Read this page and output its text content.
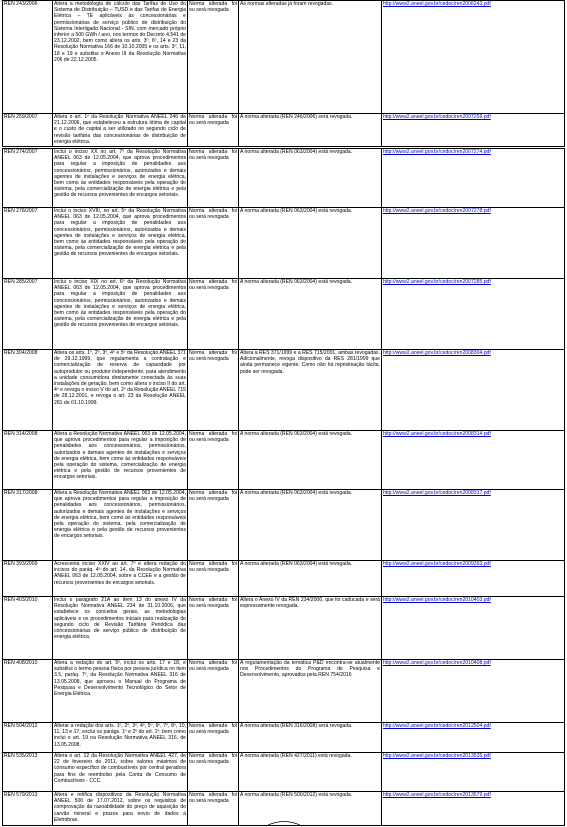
REN 243/2006	Altera a metodologia de cálculo das Tarifas de Uso do Sistema de Distribuição – TUSD e das Tarifas de Energia Elétrica – TE aplicáveis às concessionárias e permissionárias de serviço público de distribuição do Sistema Interligado Nacional - SIN, com mercado próprio inferior a 500 GWh / ano, nos termos do Decreto 4.541 de 23.12.2002, bem como altera os arts. 3º, 6º, 14 e 23 da Resolução Normativa 166 de 10.10.2005 e os arts. 3º, 11, 18 e 19 e substitui o Anexo III da Resolução Normativa 206 de 22.12.2005.	Norma alterada foi ou será revogada	As normas alteradas já foram revogadas.	http://www2.aneel.gov.br/cedoc/ren2006243.pdf
REN 259/2007	Altera o art. 1º da Resolução Normativa ANEEL 246 de 21.12.2006, que estabeleceu a estrutura ótima de capital e o custo de capital a ser utilizado no segundo ciclo de revisão tarifária das concessionárias de distribuição de energia elétrica.	Norma alterada foi ou será revogada	A norma alterada (REN 246/2006) será revogada.	http://www2.aneel.gov.br/cedoc/ren2007259.pdf
REN 274/2007	Inclui o inciso XX no art. 7º da Resolução Normativa ANEEL 063 de 12.05.2004, que aprova procedimentos para regular a imposição de penalidades aos concessionários, permissionários, autorizados e demais agentes de instalações e serviços de energia elétrica, bem como às entidades responsáveis pela operação do sistema, pela comercialização de energia elétrica e pela gestão de recursos provenientes de encargos setoriais.	Norma alterada foi ou será revogada	A norma alterada (REN 063/2004) está revogada.	http://www2.aneel.gov.br/cedoc/ren2007274.pdf
REN 278/2007	Inclui o inciso XVIII, no art. 5º da Resolução Normativa ANEEL 063 de 12.05.2004, que aprova procedimentos para regular a imposição de penalidades aos concessionários, permissionários, autorizados e demais agentes de instalações e serviços de energia elétrica, bem como às entidades responsáveis pela operação do sistema, pela comercialização de energia elétrica e pela gestão de recursos provenientes de encargos setoriais.	Norma alterada foi ou será revogada	A norma alterada (REN 063/2004) está revogada.	http://www2.aneel.gov.br/cedoc/ren2007278.pdf
REN 285/2007	Inclui o inciso XIX no art. 6º da Resolução Normativa ANEEL 063 de 12.05.2004, que aprova procedimentos para regular a imposição de penalidades aos concessionários, permissionários, autorizados e demais agentes de instalações e serviços de energia elétrica, bem como às entidades responsáveis pela operação do sistema, pela comercialização de energia elétrica e pela gestão de recursos provenientes de encargos setoriais.	Norma alterada foi ou será revogada	A norma alterada (REN 063/2004) está revogada.	http://www2.aneel.gov.br/cedoc/ren2007285.pdf
REN 304/2008	Altera os arts. 1º, 2º, 3º, 4º e 5º da Resolução ANEEL 371 de 29.12.1999, que regulamenta a contratação e comercialização de reserva de capacidade por autoprodutor ou produtor independente, para atendimento a unidade consumidora diretamente conectada às suas instalações de geração, bem como altera o inciso II do art. 4º e revoga o inciso V do art. 2º da Resolução ANEEL 715 de 28.12.2001, e revoga o art. 23 da Resolução ANEEL 281 de 01.10.1999.	Norma alterada foi ou será revogada	Altera a RES 371/1999 e a RES 715/2001, ambas revogadas. Adicionalmente, revoga dispositivo da RES 281/1999 que ainda permanece vigente. Como não há repristinação tácita, pode ser revogada.	http://www2.aneel.gov.br/cedoc/ren2008304.pdf
REN 314/2008	Altera a Resolução Normativa ANEEL 063 de 12.05.2004, que aprova procedimentos para regular a imposição de penalidades aos concessionários, permissionários, autorizados e demais agentes de instalações e serviços de energia elétrica, bem como às entidades responsáveis pela operação do sistema, comercialização de energia elétrica e pela gestão de recursos provenientes de encargos setoriais.	Norma alterada foi ou será revogada	A norma alterada (REN 063/2004) está revogada.	http://www2.aneel.gov.br/cedoc/ren2008314.pdf
REN 317/2008	Altera a Resolução Normativa ANEEL 063 de 12.05.2004, que aprova procedimentos para regular a imposição de penalidades aos concessionários, permissionários, autorizados e demais agentes de instalações e serviços de energia elétrica, bem como às entidades responsáveis pela operação do sistema, pela comercialização de energia elétrica e pela gestão de recursos provenientes de encargos setoriais.	Norma alterada foi ou será revogada	A norma alterada (REN 063/2004) está revogada.	http://www2.aneel.gov.br/cedoc/ren2008317.pdf
REN 393/2009	Acrescenta inciso XXIV ao art. 7º e altera redação do incisos do paráq. 4º do art. 14, da Resolução Normativa ANEEL 063 de 12.05.2004, sobre a CCEE e a gestão de recursos provenientes de encargos setoriais.	Norma alterada foi ou será revogada	A norma alterada (REN 063/2004) está revogada.	http://www2.aneel.gov.br/cedoc/ren2009393.pdf
REN 403/2010	Inclui o parágrafo 21A ao item 13 do anexo IV da Resolução Normativa ANEEL 234 de 31.10.2006, que estabelece os conceitos gerais, as metodologias aplicáveis e os procedimentos iniciais para realização do segundo ciclo de Revisão Tarifária Periódica das concessionárias de serviço público de distribuição de energia elétrica.	Norma alterada foi ou será revogada	Altera o Anexo IV da REN 234/2006, que foi caducada e será expressamente revogada.	http://www2.aneel.gov.br/cedoc/ren2010403.pdf
REN 408/2010	Altera a redação do art. 5º, inclui os arts. 17 e 18, e substitui o termo pessoa física por pessoa jurídica no item 3.5, paráq. 7º, da Resolução Normativa ANEEL 316 de 13.05.2008, que aprovou o Manual do Programa de Pesquisa e Desenvolvimento Tecnológico do Setor de Energia Elétrica.	Norma alterada foi ou será revogada	A regulamentação da temática P&D encontra-se atualmente nos Procedimentos do Programa de Pesquisa e Desenvolvimento, aprovados pela REN 754/2016	http://www2.aneel.gov.br/cedoc/ren2010408.pdf
REN 504/2012	Alterar a redação dos arts. 1º, 2º, 3º, 4º, 5º, 6º, 7º, 8º, 10, 11, 13 e 17, exclui os parágs. 1º e 2º do art. 1º; bem como inclui o art. 19 na Resolução Normativa ANEEL 316, de 13.05.2008.	Norma alterada foi ou será revogada	A norma alterada (REN 316/2008) será revogada.	http://www2.aneel.gov.br/cedoc/ren2012504.pdf
REN 535/2013	Altera o art. 12 da Resolução Normativa ANEEL 427, de 22 de fevereiro de 2011, sobre valores máximos de consumo específico de combustíveis por central geradora para fins de reembolso pela Conta de Consumo de Combustíveis - CCC.	Norma alterada foi ou será revogada	A norma alterada (REN 427/2011) está revogada.	http://www2.aneel.gov.br/cedoc/ren2013535.pdf
REN 579/2013	Altera e retifica dispositivos da Resolução Normativa ANEEL 500 de 17.07.2012, sobre os requisitos de comprovação da razoabilidade do preço de aquisição do carvão mineral e prazos para envio de dados à Eletrobras.	Norma alterada foi ou será revogada	A norma alterada (REN 500/2012) está revogada.	http://www2.aneel.gov.br/cedoc/ren2013579.pdf
